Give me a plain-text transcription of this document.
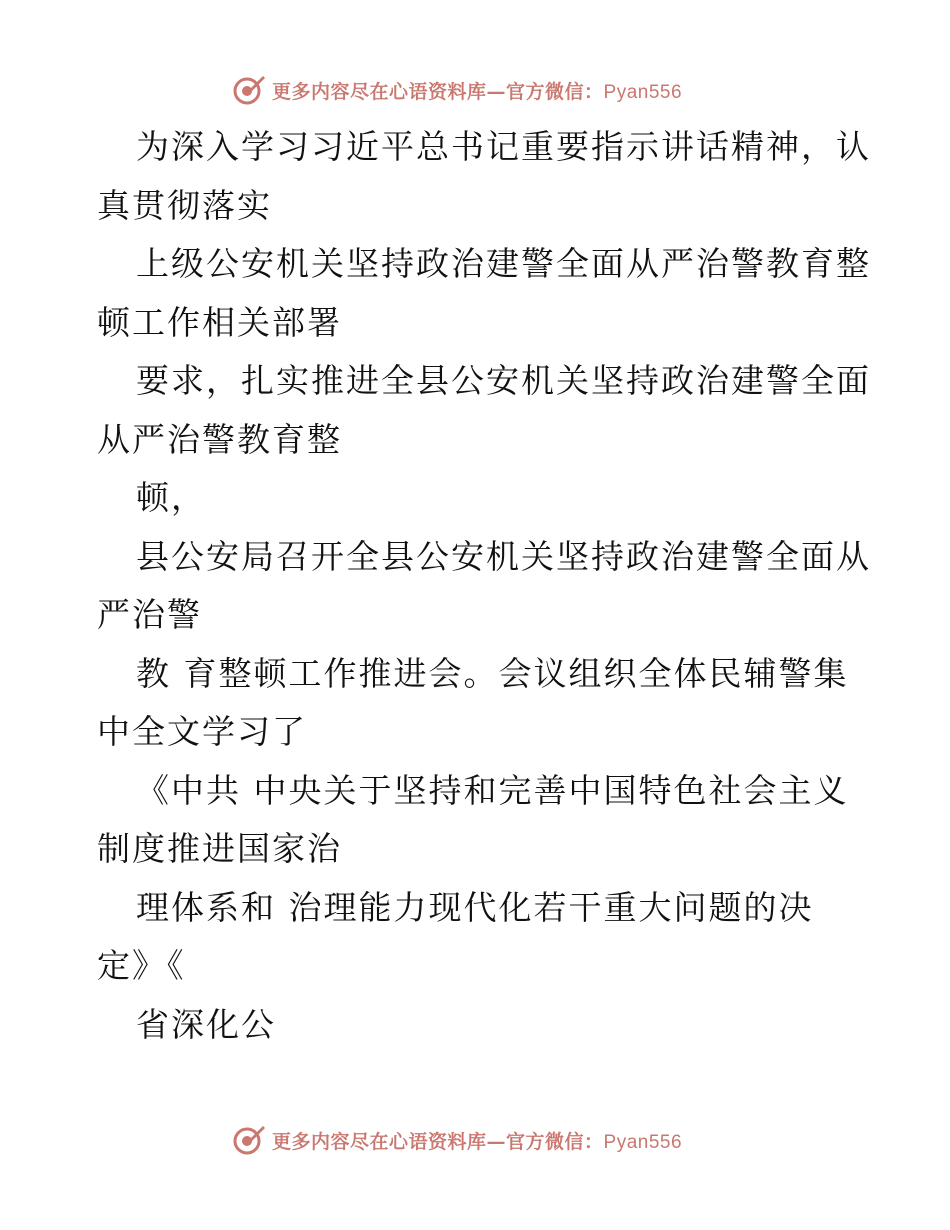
更多内容尽在心语资料库—官方微信：Pyan556
为深入学习习近平总书记重要指示讲话精神，认
真贯彻落实
上级公安机关坚持政治建警全面从严治警教育整
顿工作相关部署
要求，扎实推进全县公安机关坚持政治建警全面
从严治警教育整
顿，
县公安局召开全县公安机关坚持政治建警全面从
严治警
教 育整顿工作推进会。会议组织全体民辅警集
中全文学习了
《中共 中央关于坚持和完善中国特色社会主义
制度推进国家治
理体系和 治理能力现代化若干重大问题的决
定》《
省深化公
更多内容尽在心语资料库—官方微信：Pyan556
